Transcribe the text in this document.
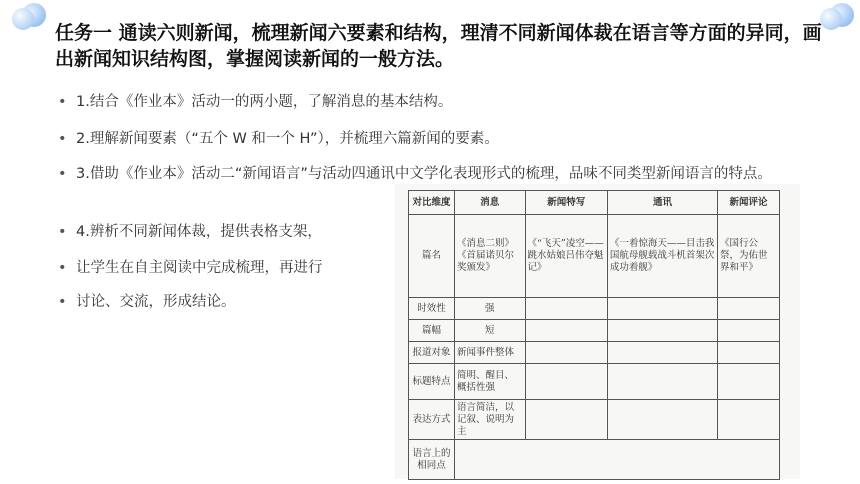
任务一 通读六则新闻，梳理新闻六要素和结构，理清不同新闻体裁在语言等方面的异同，画出新闻知识结构图，掌握阅读新闻的一般方法。
• 1.结合《作业本》活动一的两小题，了解消息的基本结构。
• 2.理解新闻要素（“五个 W 和一个 H”），并梳理六篇新闻的要素。
• 3.借助《作业本》活动二“新闻语言”与活动四通讯中文学化表现形式的梳理，品味不同类型新闻语言的特点。
• 4.辨析不同新闻体裁，提供表格支架，
• 让学生在自主阅读中完成梳理，再进行
• 讨论、交流，形成结论。
对比维度	消息	新闻特写	通讯	新闻评论
篇名	《消息二则》《首届诺贝尔奖颁发》	《“飞天”凌空——跳水姑娘吕伟夺魁记》	《一着惊海天——目击我国航母舰载战斗机首架次成功着舰》	《国行公祭，为佑世界和平》
时效性	强			
篇幅	短			
报道对象	新闻事件整体			
标题特点	简明、醒目、概括性强			
表达方式	语言简洁，以记叙、说明为主			
语言上的相同点				
